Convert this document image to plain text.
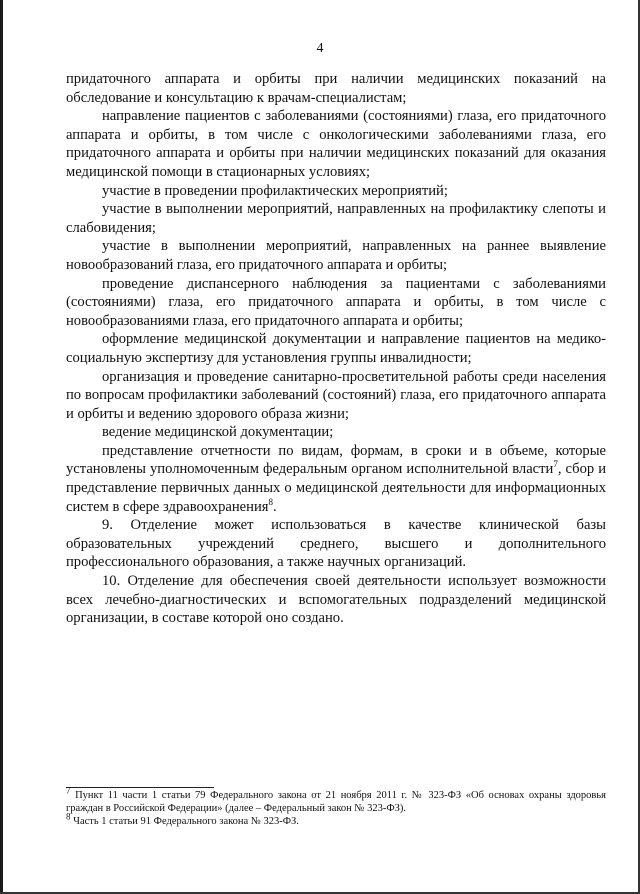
4

придаточного аппарата и орбиты при наличии медицинских показаний на обследование и консультацию к врачам-специалистам;

направление пациентов с заболеваниями (состояниями) глаза, его придаточного аппарата и орбиты, в том числе с онкологическими заболеваниями глаза, его придаточного аппарата и орбиты при наличии медицинских показаний для оказания медицинской помощи в стационарных условиях;

участие в проведении профилактических мероприятий;

участие в выполнении мероприятий, направленных на профилактику слепоты и слабовидения;

участие в выполнении мероприятий, направленных на раннее выявление новообразований глаза, его придаточного аппарата и орбиты;

проведение диспансерного наблюдения за пациентами с заболеваниями (состояниями) глаза, его придаточного аппарата и орбиты, в том числе с новообразованиями глаза, его придаточного аппарата и орбиты;

оформление медицинской документации и направление пациентов на медико-социальную экспертизу для установления группы инвалидности;

организация и проведение санитарно-просветительной работы среди населения по вопросам профилактики заболеваний (состояний) глаза, его придаточного аппарата и орбиты и ведению здорового образа жизни;

ведение медицинской документации;

представление отчетности по видам, формам, в сроки и в объеме, которые установлены уполномоченным федеральным органом исполнительной власти$^7$, сбор и представление первичных данных о медицинской деятельности для информационных систем в сфере здравоохранения$^8$.

9. Отделение может использоваться в качестве клинической базы образовательных учреждений среднего, высшего и дополнительного профессионального образования, а также научных организаций.

10. Отделение для обеспечения своей деятельности использует возможности всех лечебно-диагностических и вспомогательных подразделений медицинской организации, в составе которой оно создано.

$^7$ Пункт 11 части 1 статьи 79 Федерального закона от 21 ноября 2011 г. № 323-ФЗ «Об основах охраны здоровья граждан в Российской Федерации» (далее – Федеральный закон № 323-ФЗ).

$^8$ Часть 1 статьи 91 Федерального закона № 323-ФЗ.
